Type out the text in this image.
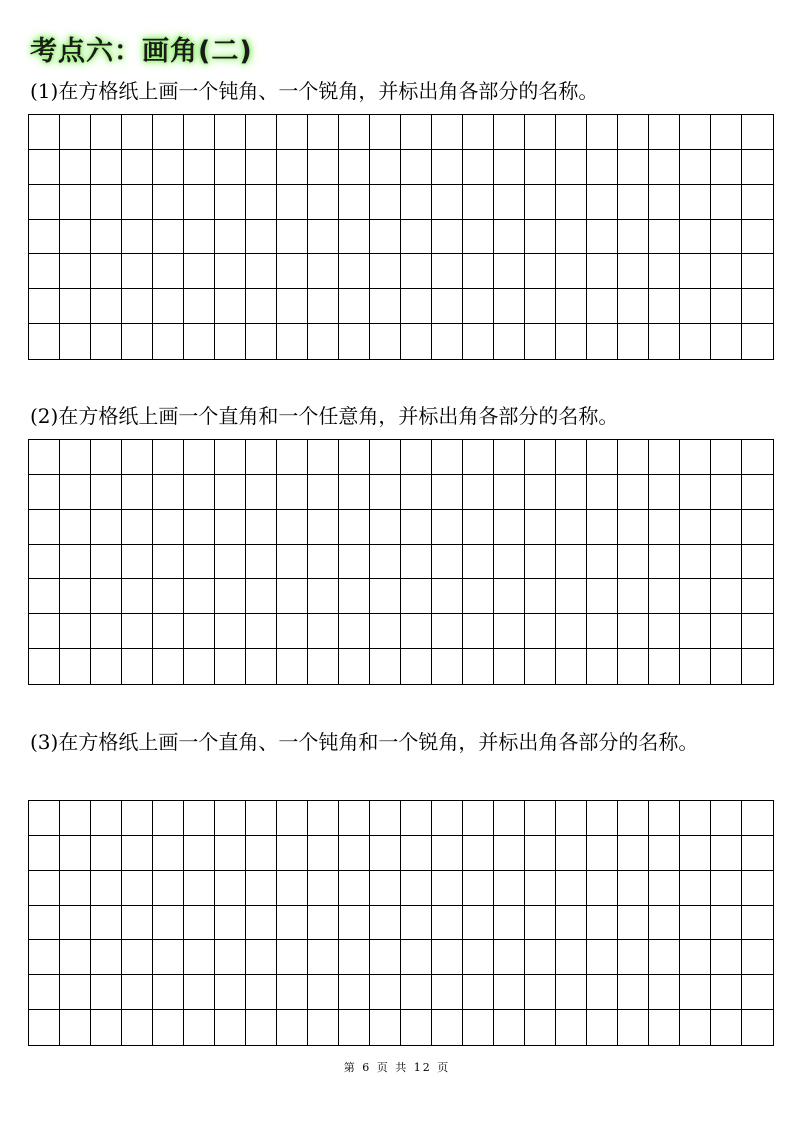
考点六：画角(二)
(1)在方格纸上画一个钝角、一个锐角，并标出角各部分的名称。
(2)在方格纸上画一个直角和一个任意角，并标出角各部分的名称。
(3)在方格纸上画一个直角、一个钝角和一个锐角，并标出角各部分的名称。
第 6 页 共 12 页
